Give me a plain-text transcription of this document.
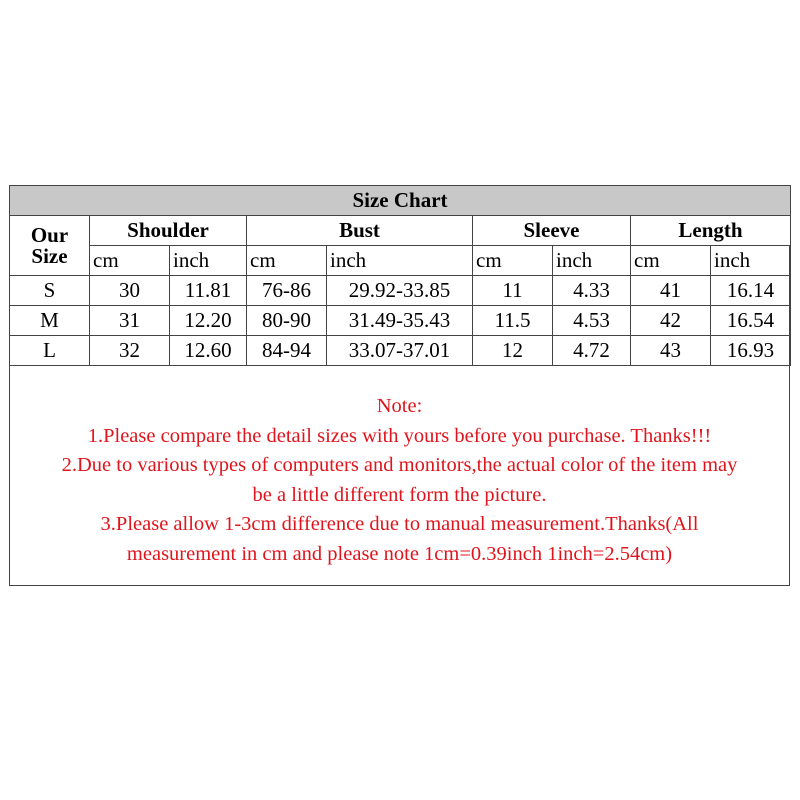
Size Chart								

Our
Size	Shoulder		Bust		Sleeve		Length	
	cm	inch	cm	inch	cm	inch	cm	inch
S	30	11.81	76-86	29.92-33.85	11	4.33	41	16.14
M	31	12.20	80-90	31.49-35.43	11.5	4.53	42	16.54
L	32	12.60	84-94	33.07-37.01	12	4.72	43	16.93
Note:
1.Please compare the detail sizes with yours before you purchase. Thanks!!!
2.Due to various types of computers and monitors,the actual color of the item may
be a little different form the picture.
3.Please allow 1-3cm difference due to manual measurement.Thanks(All
measurement in cm and please note 1cm=0.39inch 1inch=2.54cm)
